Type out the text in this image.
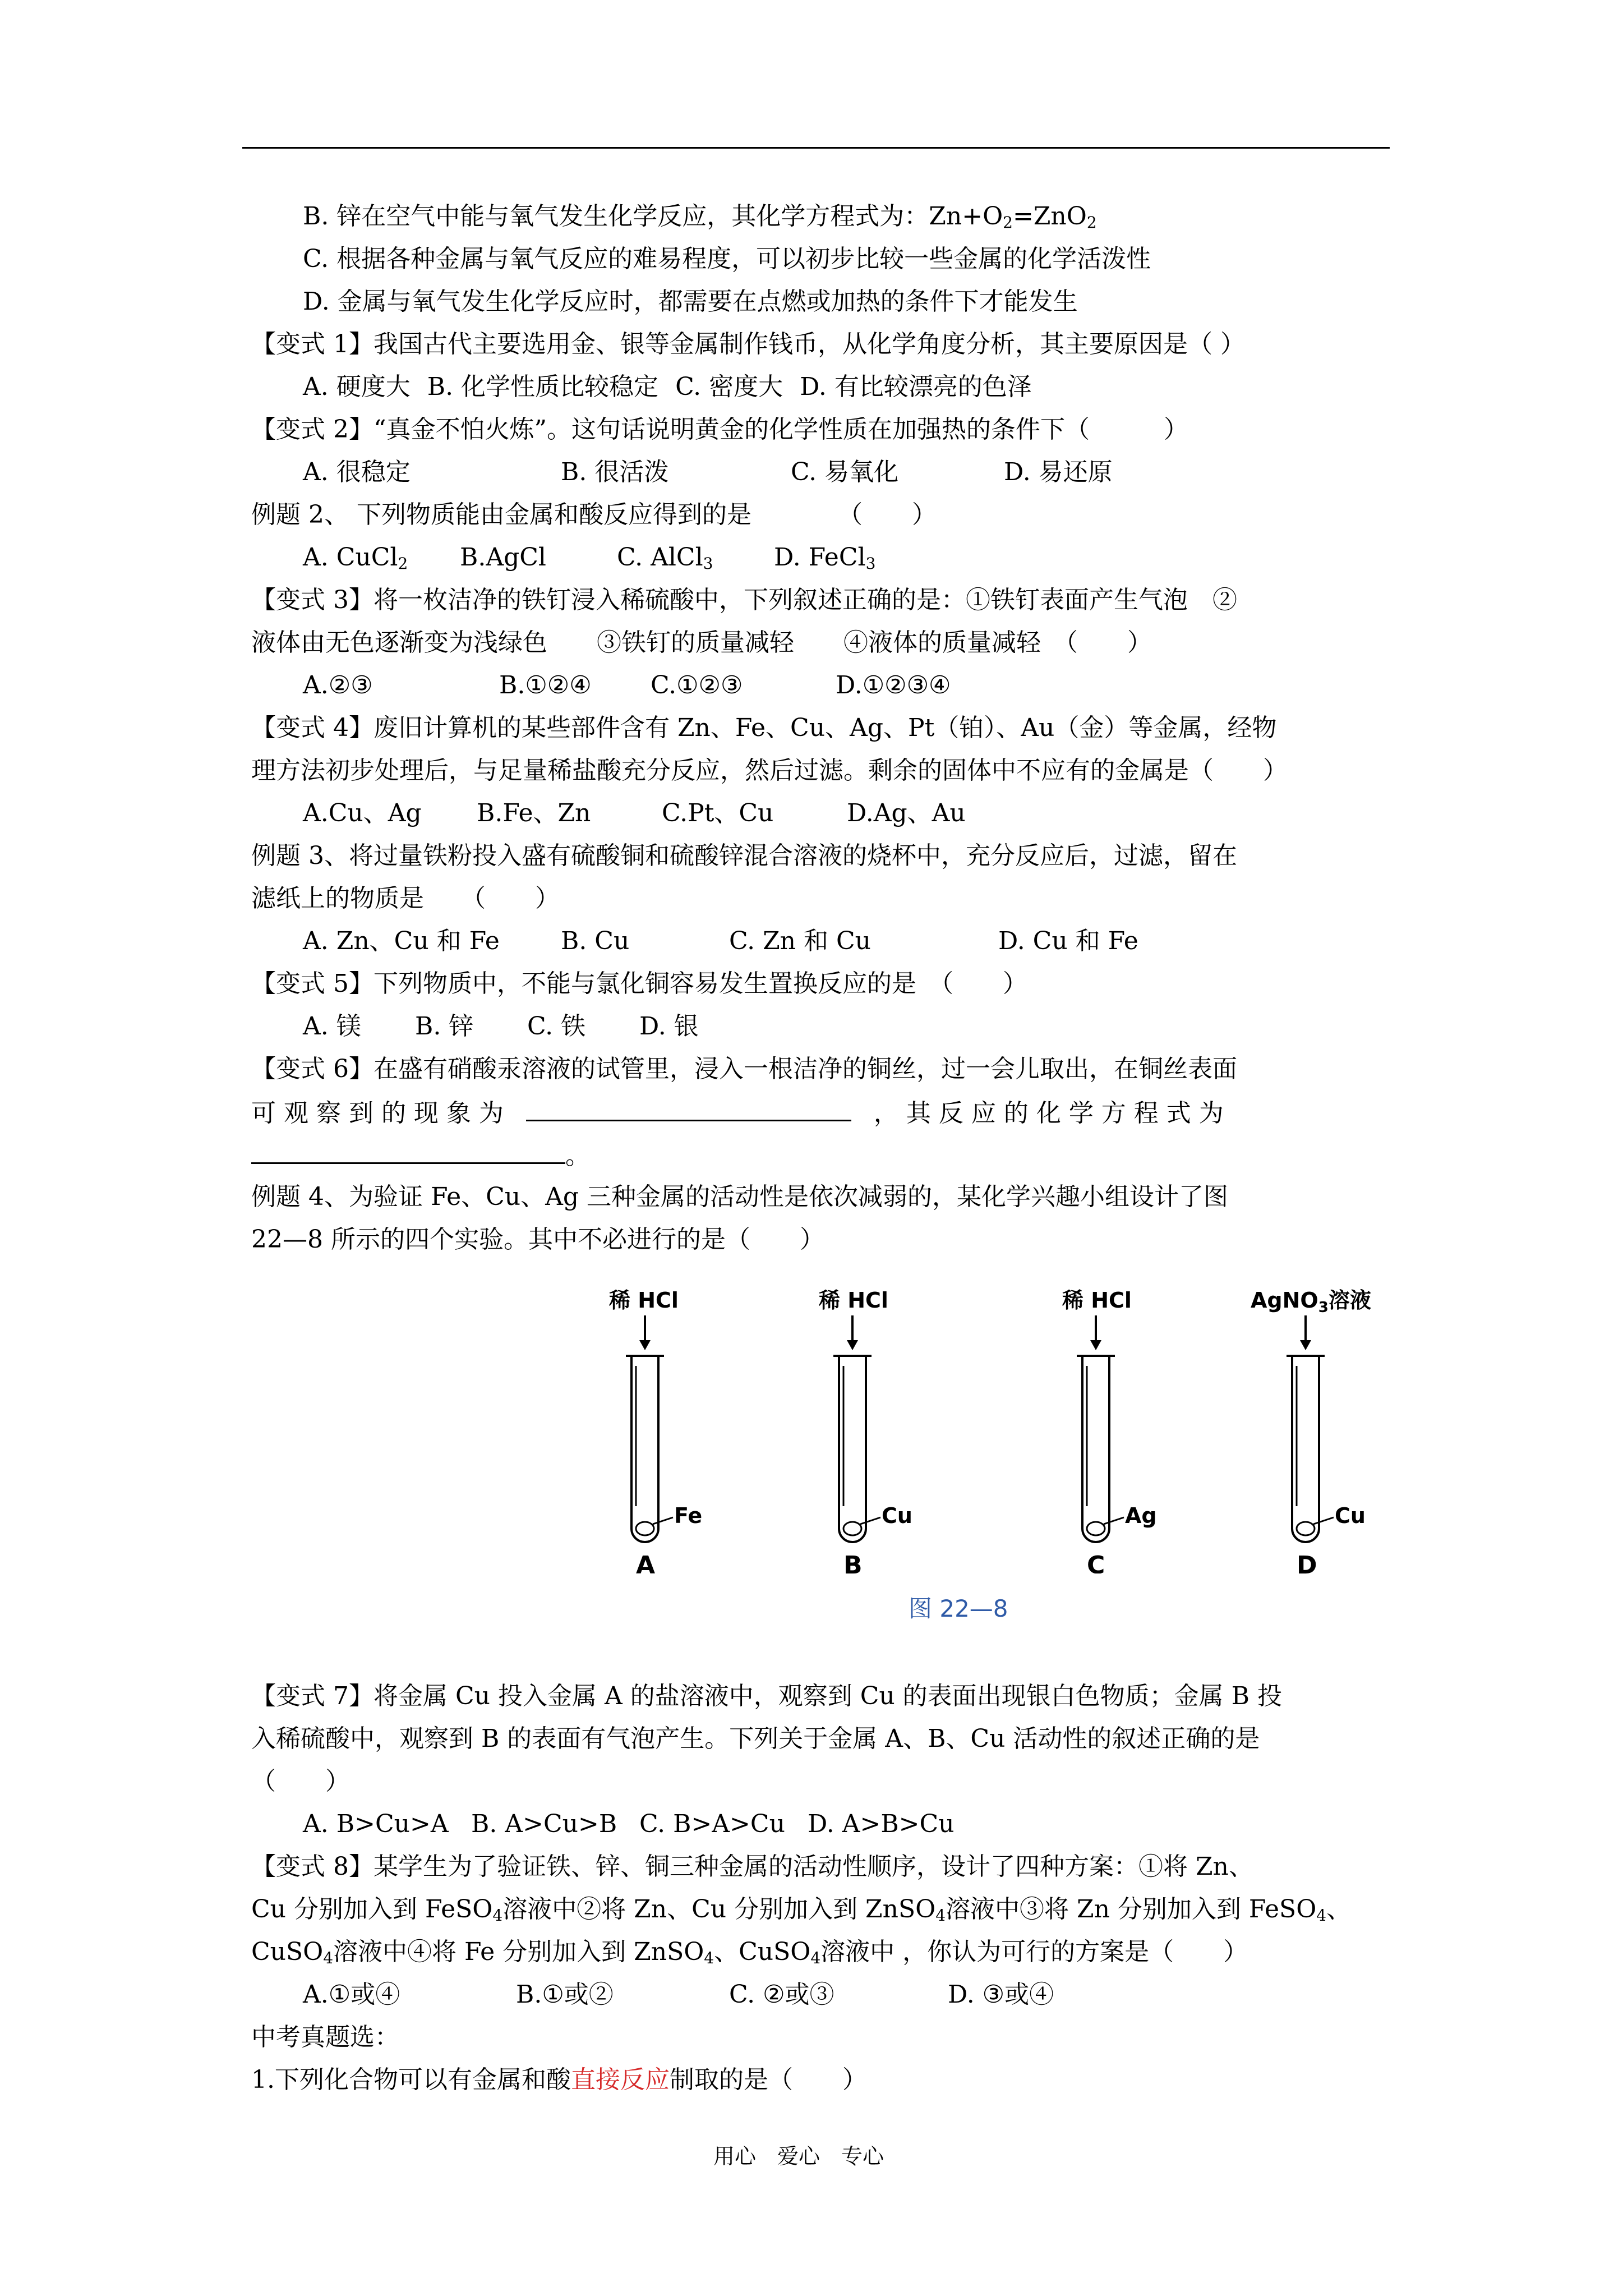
B. 锌在空气中能与氧气发生化学反应，其化学方程式为：$Zn+O_2=ZnO_2$
C. 根据各种金属与氧气反应的难易程度，可以初步比较一些金属的化学活泼性
D. 金属与氧气发生化学反应时，都需要在点燃或加热的条件下才能发生
【 变式 1 】 我国古代主要选用金、银等金属制作钱币，从化学角度分析，其主要原因是（ ）
A. 硬度大 B. 化学性质比较稳定 C. 密度大 D. 有比较漂亮的色泽
【 变式 2 】 “真金不怕火炼”。这句话说明黄金的化学性质在加强热的条件下（　　　）
A. 很稳定	B. 很活泼	C. 易氧化	D. 易还原
例题 2、 下列物质能由金属和酸反应得到的是　　　　（　　）
A. CuCl$_2$ B.AgCl	C. AlCl$_3$ D. FeCl$_3$
【 变式 3 】 将一枚洁净的铁钉浸入稀硫酸中，下列叙述正确的是：①铁钉表面产生气泡　②
液体由无色逐渐变为浅绿色　　③铁钉的质量减轻　　④液体的质量减轻　（　　）
A.②③	B.①②④ C.①②③	D.①②③④
【 变式 4 】 废旧计算机的某些部件含有 Zn、Fe、Cu、Ag、Pt（铂）、Au（金）等金属，经物
理方法初步处理后，与足量稀盐酸充分反应，然后过滤。剩余的固体中不应有的金属是（　　）
A.Cu、Ag B.Fe、Zn	C.Pt、Cu	D.Ag、Au
例题 3、将过量铁粉投入盛有硫酸铜和硫酸锌混合溶液的烧杯中，充分反应后，过滤，留在
滤纸上的物质是　　（　　）
A. Zn、Cu 和 Fe B. Cu	C. Zn 和 Cu	D. Cu 和 Fe
【 变式 5 】 下列物质中，不能与氯化铜容易发生置换反应的是　（　　）
A. 镁 B. 锌 C. 铁 D. 银
【 变式 6 】 在盛有硝酸汞溶液的试管里，浸入一根洁净的铜丝，过一会儿取出，在铜丝表面
可 观 察 到 的 现 象 为	， 其 反 应 的 化 学 方 程 式 为
。
例题 4、为验证 Fe、Cu、Ag 三种金属的活动性是依次减弱的，某化学兴趣小组设计了图
22—8 所示的四个实验。其中不必进行的是（　　）
稀 HCl
Fe
A
稀 HCl
Cu
B
稀 HCl
Ag
C
AgNO$_3$溶液
Cu
D
图 22—8
【 变式 7 】 将金属 Cu 投入金属 A 的盐溶液中，观察到 Cu 的表面出现银白色物质；金属 B 投
入稀硫酸中，观察到 B 的表面有气泡产生。下列关于金属 A、B、Cu 活动性的叙述正确的是
（　　）
A. B>Cu>A B. A>Cu>B C. B>A>Cu D. A>B>Cu
【 变式 8 】 某学生为了验证铁、锌、铜三种金属的活动性顺序，设计了四种方案：①将 Zn、
Cu 分别加入到 FeSO$_4$溶液中②将 Zn、Cu 分别加入到 ZnSO$_4$溶液中③将 Zn 分别加入到 FeSO$_4$、
CuSO$_4$溶液中④将 Fe 分别加入到 ZnSO$_4$、CuSO$_4$溶液中 ，你认为可行的方案是（　　）
A.①或④	B.①或②	C. ②或③	D. ③或④
中考真题选：
1.下列化合物可以有金属和酸直接反应制取的是（　　）
用心　爱心　专心
